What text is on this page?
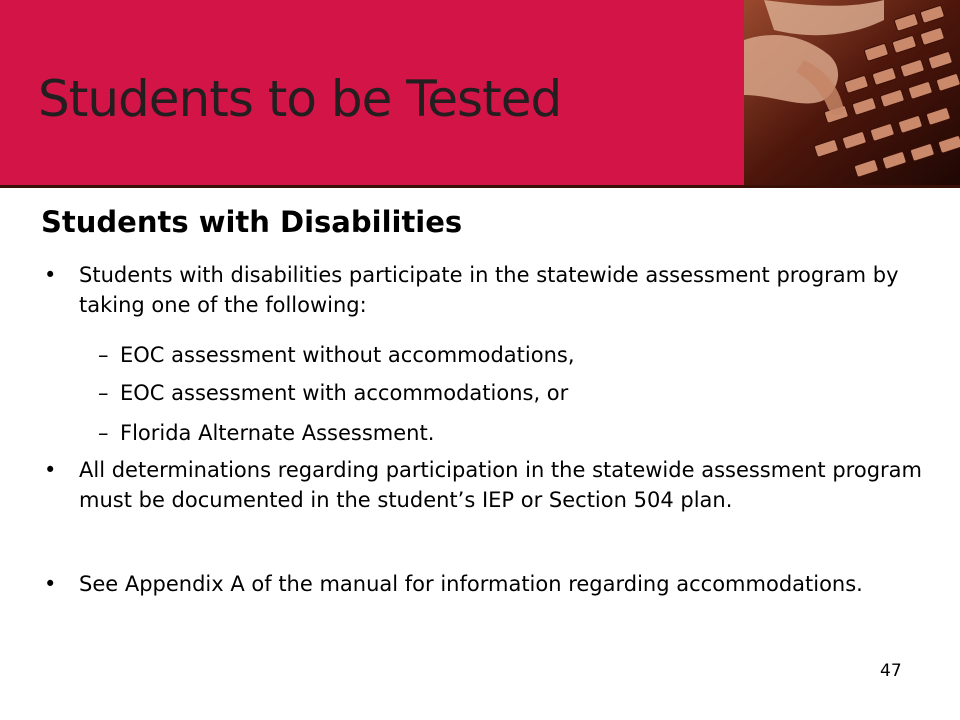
Students to be Tested
Students with Disabilities
• Students with disabilities participate in the statewide assessment program by taking one of the following:
– EOC assessment without accommodations,
– EOC assessment with accommodations, or
– Florida Alternate Assessment.
• All determinations regarding participation in the statewide assessment program must be documented in the student’s IEP or Section 504 plan.
• See Appendix A of the manual for information regarding accommodations.
47
